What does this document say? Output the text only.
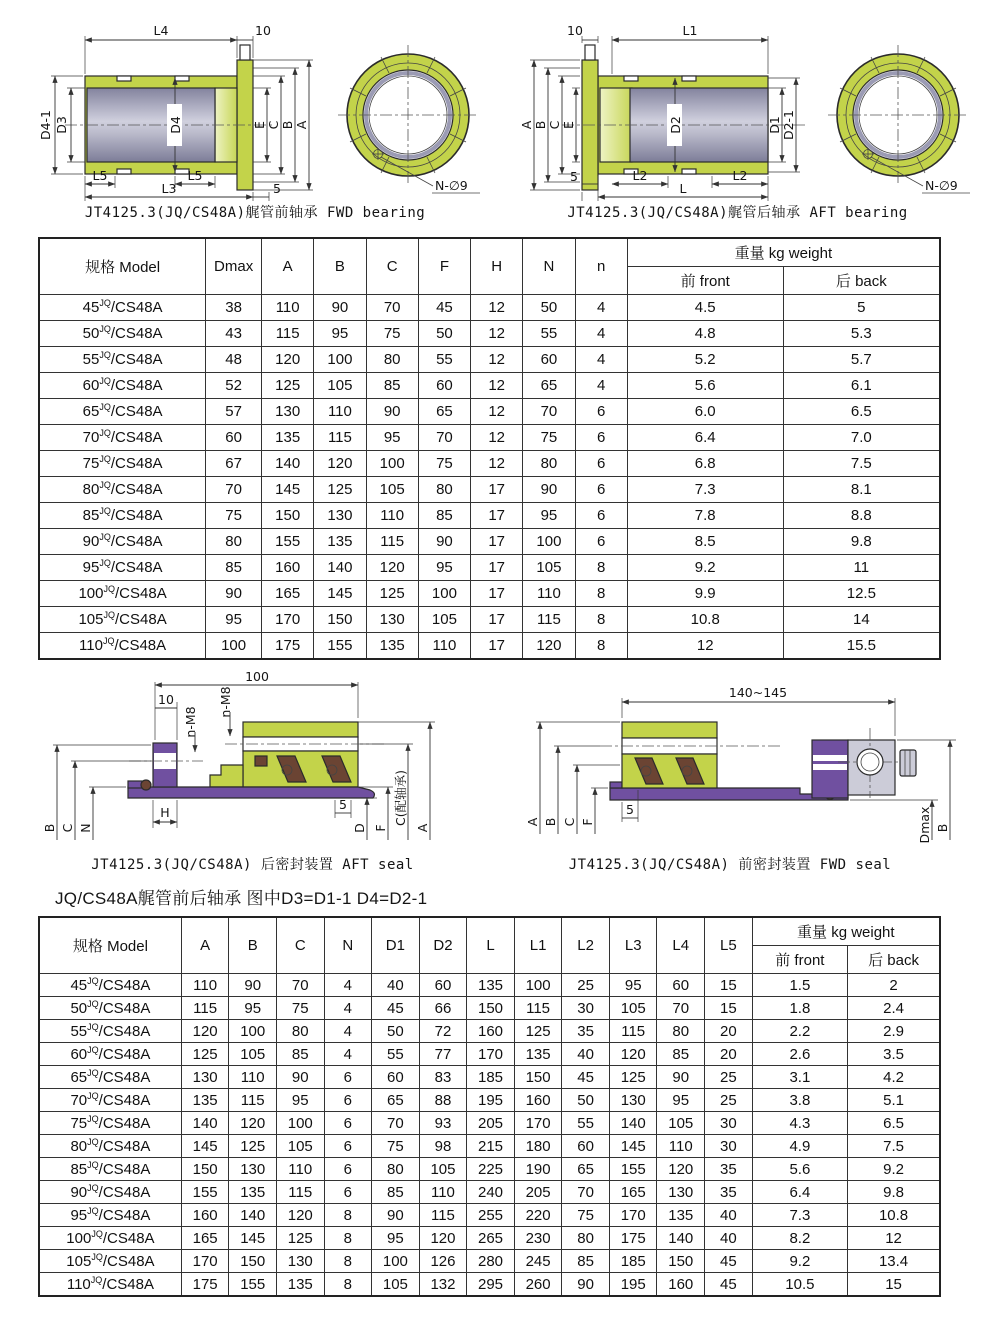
L4	10
D4-1 D3	D4	E C B A
L5	L5
L3	5	N-∅9
JT4125.3(JQ/CS48A)艉管前轴承 FWD bearing
10	L1
A B C E	D2	D1 D2-1
5	L2	L2
L	N-∅9
JT4125.3(JQ/CS48A)艉管后轴承 AFT bearing
规格 Model	Dmax	A	B	C	F	H	N	n	重量 kg weight	
									前 front	后 back
$45^{JQ}/CS48A$	38	110	90	70	45	12	50	4	4.5	5
$50^{JQ}/CS48A$	43	115	95	75	50	12	55	4	4.8	5.3
$55^{JQ}/CS48A$	48	120	100	80	55	12	60	4	5.2	5.7
$60^{JQ}/CS48A$	52	125	105	85	60	12	65	4	5.6	6.1
$65^{JQ}/CS48A$	57	130	110	90	65	12	70	6	6.0	6.5
$70^{JQ}/CS48A$	60	135	115	95	70	12	75	6	6.4	7.0
$75^{JQ}/CS48A$	67	140	120	100	75	12	80	6	6.8	7.5
$80^{JQ}/CS48A$	70	145	125	105	80	17	90	6	7.3	8.1
$85^{JQ}/CS48A$	75	150	130	110	85	17	95	6	7.8	8.8
$90^{JQ}/CS48A$	80	155	135	115	90	17	100	6	8.5	9.8
$95^{JQ}/CS48A$	85	160	140	120	95	17	105	8	9.2	11
$100^{JQ}/CS48A$	90	165	145	125	100	17	110	8	9.9	12.5
$105^{JQ}/CS48A$	95	170	150	130	105	17	115	8	10.8	14
$110^{JQ}/CS48A$	100	175	155	135	110	17	120	8	12	15.5
100
10
n-M8
n-M8
B C N
H
5
D F
C(配轴承)
A
JT4125.3(JQ/CS48A) 后密封装置 AFT seal
140~145
A B C F
5	Dmax B
JT4125.3(JQ/CS48A) 前密封装置 FWD seal
JQ/CS48A艉管前后轴承 图中D3=D1-1 D4=D2-1
规格 Model	A	B	C	N	D1	D2	L	L1	L2	L3	L4	L5	重量 kg weight	
													前 front	后 back
$45^{JQ}/CS48A$	110	90	70	4	40	60	135	100	25	95	60	15	1.5	2
$50^{JQ}/CS48A$	115	95	75	4	45	66	150	115	30	105	70	15	1.8	2.4
$55^{JQ}/CS48A$	120	100	80	4	50	72	160	125	35	115	80	20	2.2	2.9
$60^{JQ}/CS48A$	125	105	85	4	55	77	170	135	40	120	85	20	2.6	3.5
$65^{JQ}/CS48A$	130	110	90	6	60	83	185	150	45	125	90	25	3.1	4.2
$70^{JQ}/CS48A$	135	115	95	6	65	88	195	160	50	130	95	25	3.8	5.1
$75^{JQ}/CS48A$	140	120	100	6	70	93	205	170	55	140	105	30	4.3	6.5
$80^{JQ}/CS48A$	145	125	105	6	75	98	215	180	60	145	110	30	4.9	7.5
$85^{JQ}/CS48A$	150	130	110	6	80	105	225	190	65	155	120	35	5.6	9.2
$90^{JQ}/CS48A$	155	135	115	6	85	110	240	205	70	165	130	35	6.4	9.8
$95^{JQ}/CS48A$	160	140	120	8	90	115	255	220	75	170	135	40	7.3	10.8
$100^{JQ}/CS48A$	165	145	125	8	95	120	265	230	80	175	140	40	8.2	12
$105^{JQ}/CS48A$	170	150	130	8	100	126	280	245	85	185	150	45	9.2	13.4
$110^{JQ}/CS48A$	175	155	135	8	105	132	295	260	90	195	160	45	10.5	15
